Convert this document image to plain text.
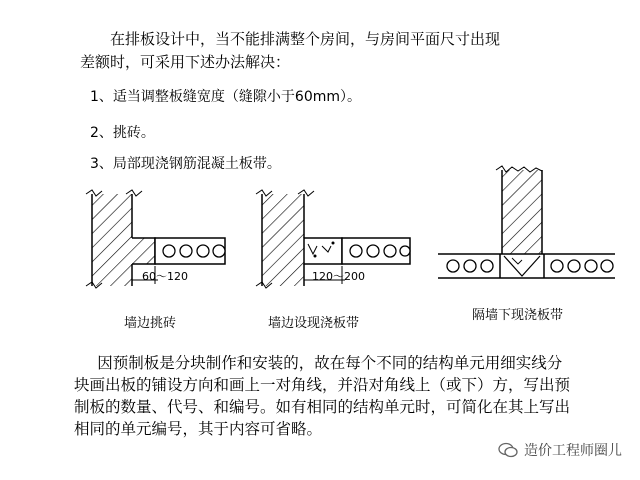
在排板设计中，当不能排满整个房间，与房间平面尺寸出现差额时，可采用下述办法解决：

1、适当调整板缝宽度（缝隙小于60mm）。
2、挑砖。
3、局部现浇钢筋混凝土板带。
60～120	120～200
墙边挑砖	墙边设现浇板带
隔墙下现浇板带

因预制板是分块制作和安装的，故在每个不同的结构单元用细实线分块画出板的铺设方向和画上一对角线，并沿对角线上（或下）方，写出预制板的数量、代号、和编号。如有相同的结构单元时，可简化在其上写出相同的单元编号，其于内容可省略。

造价工程师圈儿
